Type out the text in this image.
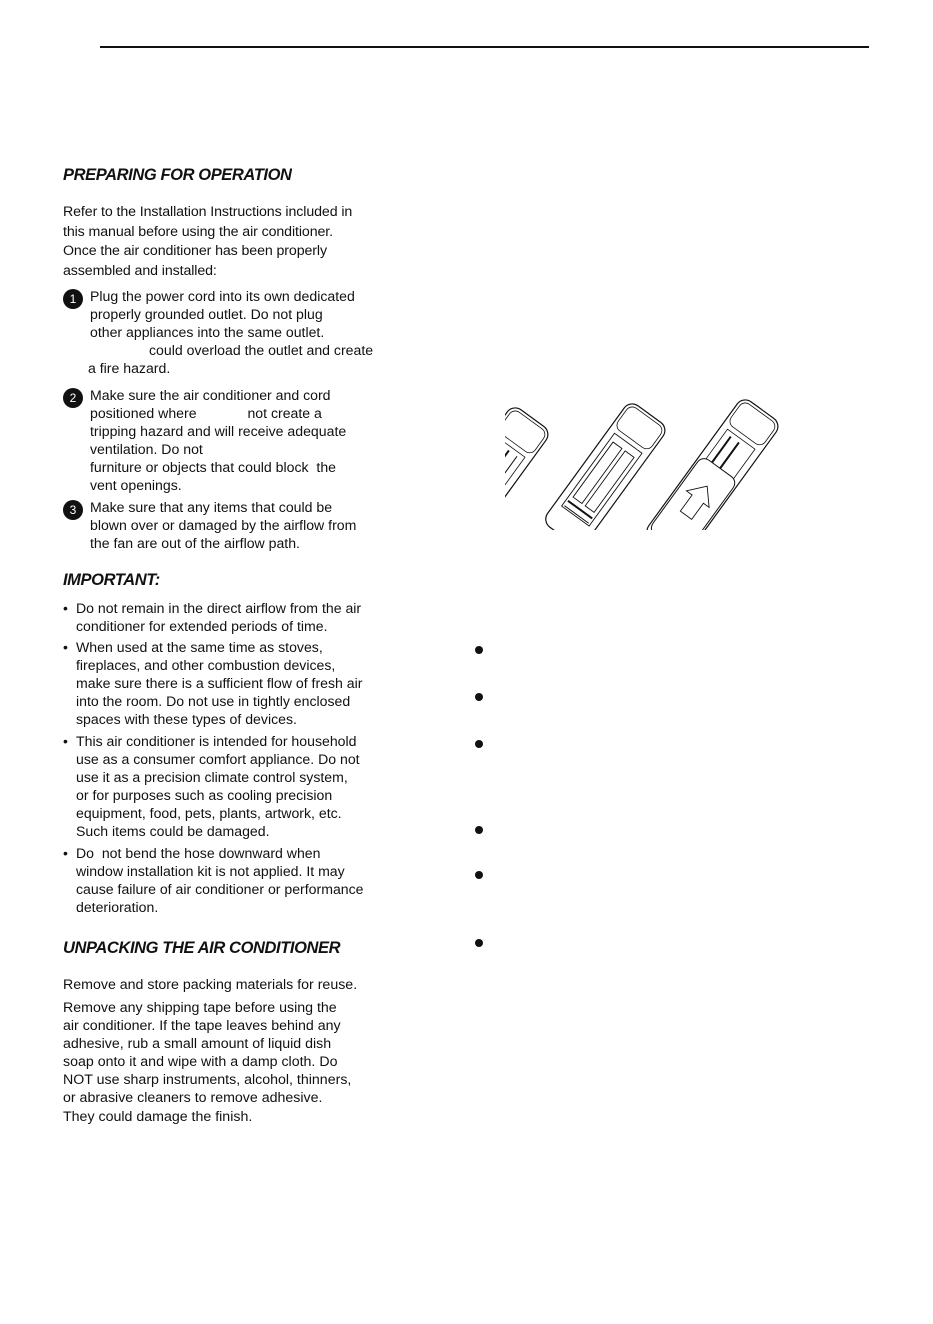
PREPARING FOR OPERATION
Refer to the Installation Instructions included in
this manual before using the air conditioner.
Once the air conditioner has been properly
assembled and installed:
1 Plug the power cord into its own dedicated
properly grounded outlet. Do not plug
other appliances into the same outlet.
could overload the outlet and create
a fire hazard.
2 Make sure the air conditioner and cord
positioned where             not create a
tripping hazard and will receive adequate
ventilation. Do not
furniture or objects that could block  the
vent openings.
3 Make sure that any items that could be
blown over or damaged by the airflow from
the fan are out of the airflow path.
IMPORTANT:
• Do not remain in the direct airflow from the air
conditioner for extended periods of time.
• When used at the same time as stoves,
fireplaces, and other combustion devices,
make sure there is a sufficient flow of fresh air
into the room. Do not use in tightly enclosed
spaces with these types of devices.
• This air conditioner is intended for household
use as a consumer comfort appliance. Do not
use it as a precision climate control system,
or for purposes such as cooling precision
equipment, food, pets, plants, artwork, etc.
Such items could be damaged.
• Do  not bend the hose downward when
window installation kit is not applied. It may
cause failure of air conditioner or performance
deterioration.
UNPACKING THE AIR CONDITIONER

Remove and store packing materials for reuse.

Remove any shipping tape before using the
air conditioner. If the tape leaves behind any
adhesive, rub a small amount of liquid dish
soap onto it and wipe with a damp cloth. Do
NOT use sharp instruments, alcohol, thinners,
or abrasive cleaners to remove adhesive.
They could damage the finish.
